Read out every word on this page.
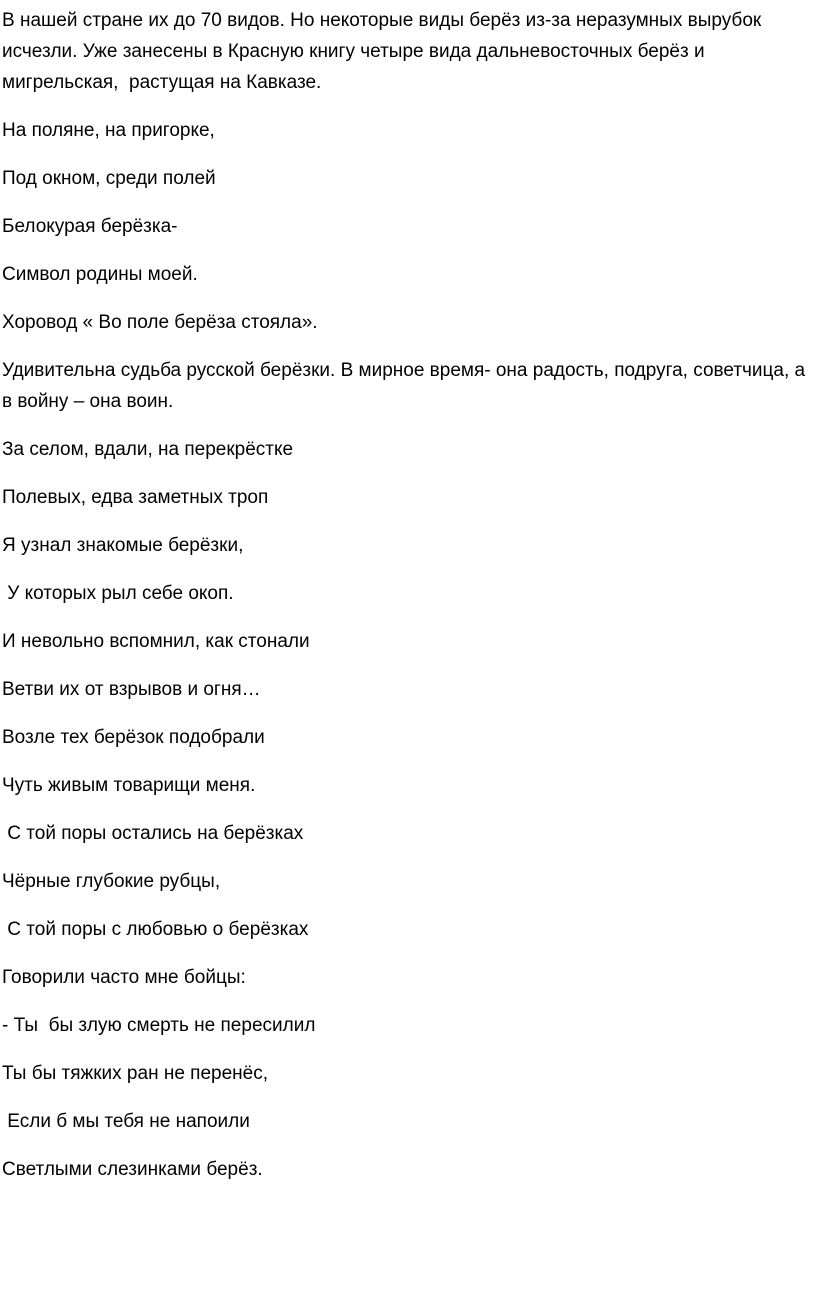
В нашей стране их до 70 видов. Но некоторые виды берёз из-за неразумных вырубок исчезли. Уже занесены в Красную книгу четыре вида дальневосточных берёз и мигрельская,  растущая на Кавказе.

На поляне, на пригорке,

Под окном, среди полей

Белокурая берёзка-

Символ родины моей.

Хоровод « Во поле берёза стояла».

Удивительна судьба русской берёзки. В мирное время- она радость, подруга, советчица, а в войну – она воин.

За селом, вдали, на перекрёстке

Полевых, едва заметных троп

Я узнал знакомые берёзки,

У которых рыл себе окоп.

И невольно вспомнил, как стонали

Ветви их от взрывов и огня…

Возле тех берёзок подобрали

Чуть живым товарищи меня.

С той поры остались на берёзках

Чёрные глубокие рубцы,

С той поры с любовью о берёзках

Говорили часто мне бойцы:

- Ты  бы злую смерть не пересилил

Ты бы тяжких ран не перенёс,

Если б мы тебя не напоили

Светлыми слезинками берёз.
